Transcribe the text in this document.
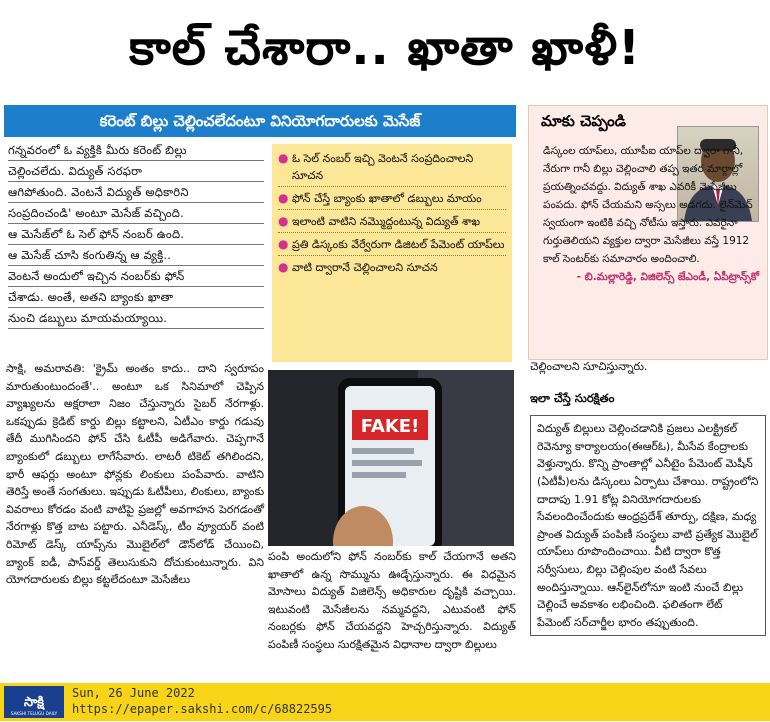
కాల్ చేశారా.. ఖాతా ఖాళీ!
కరెంట్ బిల్లు చెల్లించలేదంటూ వినియోగదారులకు మెసేజ్

గన్నవరంలో ఓ వ్యక్తికి మీరు కరెంట్ బిల్లు

చెల్లించలేదు. విద్యుత్ సరఫరా

ఆగిపోతుంది. వెంటనే విద్యుత్ అధికారిని

సంప్రదించండి' అంటూ మెసేజ్ వచ్చింది.

ఆ మెసేజ్‌లో ఓ సెల్ ఫోన్ నంబర్ ఉంది.

ఆ మెసేజ్ చూసి కంగుతిన్న ఆ వ్యక్తి..

వెంటనే అందులో ఇచ్చిన నంబర్‌కు ఫోన్

చేశాడు. అంతే, అతని బ్యాంకు ఖాతా

నుంచి డబ్బులు మాయమయ్యాయి.

● ఓ సెల్ నంబర్ ఇచ్చి వెంటనే సంప్రదించాలని సూచన
● ఫోన్ చేస్తే బ్యాంకు ఖాతాలో డబ్బులు మాయం
● ఇలాంటి వాటిని నమ్మొద్దంటున్న విద్యుత్ శాఖ
● ప్రతి డిస్కంకు వేర్వేరుగా డిజిటల్ పేమెంట్ యాప్‌లు
● వాటి ద్వారానే చెల్లించాలని సూచన
మాకు చెప్పండి
డిస్కంల యాప్‌లు, యూపీఐ యాప్‌ల ద్వారా గానీ, నేరుగా గానీ బిల్లు చెల్లించాలి తప్ప ఇతర మార్గాల్లో ప్రయత్నించవద్దు. విద్యుత్ శాఖ ఎవరికీ మెసేజీలు పంపదు. ఫోన్ చేయమని అస్సలు అడగదు. లైన్‌మెన్ స్వయంగా ఇంటికి వచ్చి నోటీసు ఇస్తారు. ఎవరైనా గుర్తుతెలియని వ్యక్తుల ద్వారా మెసేజీలు వస్తే 1912 కాల్ సెంటర్‌కు సమాచారం అందించాలి.
- బి.మల్లారెడ్డి, విజిలెన్స్ జేఎండీ, ఏపీట్రాన్స్‌కో
సాక్షి, అమరావతి: 'క్రైమ్ అంతం కాదు.. దాని స్వరూపం మారుతుంటుందంతే'.. అంటూ ఒక సినిమాలో చెప్పిన వ్యాఖ్యలను అక్షరాలా నిజం చేస్తున్నారు సైబర్ నేరగాళ్లు. ఒకప్పుడు క్రెడిట్ కార్డు బిల్లు కట్టాలని, ఏటీఎం కార్డు గడువు తేదీ ముగిసిందని ఫోన్ చేసి ఓటీపీ అడిగేవారు. చెప్పగానే బ్యాంకులో డబ్బులు లాగేసేవారు. లాటరీ టికెట్ తగిలిందని, భారీ ఆఫర్లు అంటూ ఫోన్లకు లింకులు పంపేవారు. వాటిని తెరిస్తే అంతే సంగతులు. ఇప్పుడు ఓటీపీలు, లింకులు, బ్యాంకు వివరాలు కోరడం వంటి వాటిపై ప్రజల్లో అవగాహన పెరగడంతో నేరగాళ్లు కొత్త బాట పట్టారు. ఎనీడెస్క్, టీం వ్యూయర్ వంటి రిమోట్ డెస్క్ యాప్స్‌ను మొబైల్‌లో డౌన్‌లోడ్ చేయించి, బ్యాంక్ ఐడీ, పాస్‌వర్డ్ తెలుసుకుని దోచుకుంటున్నారు. విని యోగదారులకు బిల్లు కట్టలేదంటూ మెసేజీలు
FAKE!
పంపి అందులోని ఫోన్ నంబర్‌కు కాల్ చేయగానే అతని ఖాతాలో ఉన్న సొమ్మును ఊడ్చేస్తున్నారు. ఈ విధమైన మోసాలు విద్యుత్ విజిలెన్స్ అధికారుల దృష్టికి వచ్చాయి. ఇటువంటి మెసేజీలను నమ్మవద్దని, ఎటువంటి ఫోన్ నంబర్లకు ఫోన్ చేయవద్దని హెచ్చరిస్తున్నారు. విద్యుత్ పంపిణీ సంస్థలు సురక్షితమైన విధానాల ద్వారా బిల్లులు
చెల్లించాలని సూచిస్తున్నారు.
ఇలా చేస్తే సురక్షితం
విద్యుత్ బిల్లులు చెల్లించడానికి ప్రజలు ఎలక్ట్రికల్ రెవెన్యూ కార్యాలయం(ఈఆర్‌ఓ), మీసేవ కేంద్రాలకు వెళ్తున్నారు. కొన్ని ప్రాంతాల్లో ఎనీటైం పేమెంట్ మెషీన్ (ఏటీపీ)లను డిస్కంలు ఏర్పాటు చేశాయి. రాష్ట్రంలోని దాదాపు 1.91 కోట్ల వినియోగదారులకు సేవలందించేందుకు ఆంధ్రప్రదేశ్ తూర్పు, దక్షిణ, మధ్య ప్రాంత విద్యుత్ పంపిణీ సంస్థలు వాటి ప్రత్యేక మొబైల్ యాప్‌లు రూపొందించాయి. వీటి ద్వారా కొత్త సర్వీసులు, బిల్లు చెల్లింపుల వంటి సేవలు అందిస్తున్నాయి. ఆన్‌లైన్‌లోనూ ఇంటి నుంచే బిల్లు చెల్లించే అవకాశం లభించింది. ఫలితంగా లేట్ పేమెంట్ సర్‌చార్జీల భారం తప్పుతుంది.
సాక్షి
SAKSHI TELUGU DAILY
Sun, 26 June 2022
https://epaper.sakshi.com/c/68822595
